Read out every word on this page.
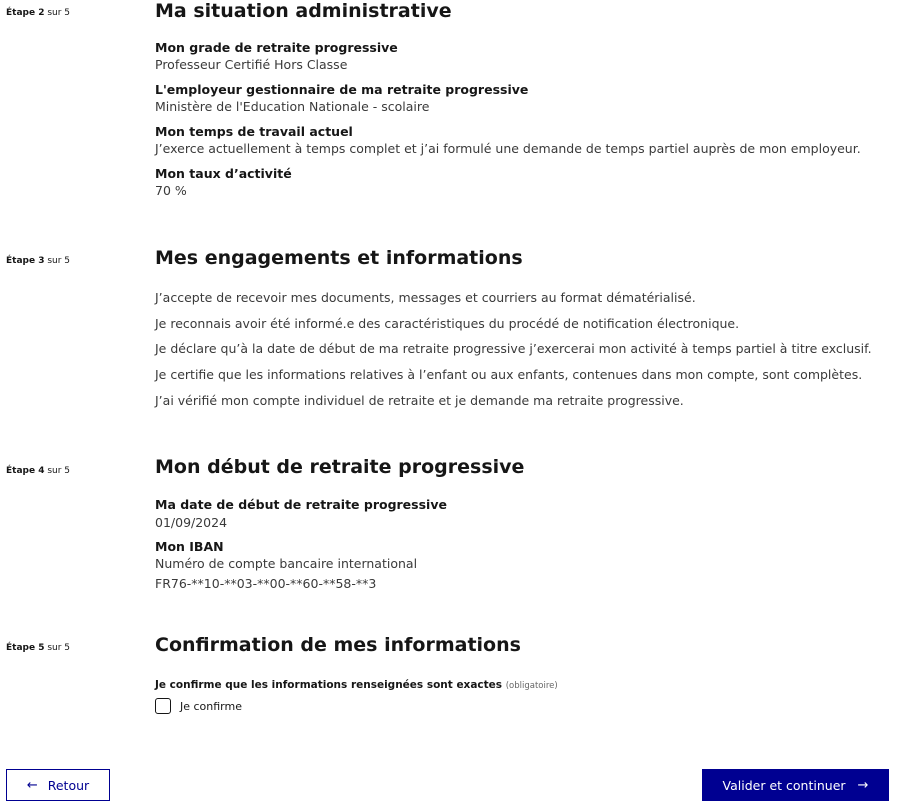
Étape 2 sur 5	Ma situation administrative
Mon grade de retraite progressive
Professeur Certifié Hors Classe
L'employeur gestionnaire de ma retraite progressive
Ministère de l'Education Nationale - scolaire
Mon temps de travail actuel
J’exerce actuellement à temps complet et j’ai formulé une demande de temps partiel auprès de mon employeur.
Mon taux d’activité
70 %
Étape 3 sur 5	Mes engagements et informations
J’accepte de recevoir mes documents, messages et courriers au format dématérialisé.
Je reconnais avoir été informé.e des caractéristiques du procédé de notification électronique.
Je déclare qu’à la date de début de ma retraite progressive j’exercerai mon activité à temps partiel à titre exclusif.
Je certifie que les informations relatives à l’enfant ou aux enfants, contenues dans mon compte, sont complètes.
J’ai vérifié mon compte individuel de retraite et je demande ma retraite progressive.
Étape 4 sur 5	Mon début de retraite progressive
Ma date de début de retraite progressive
01/09/2024
Mon IBAN
Numéro de compte bancaire international
FR76-**10-**03-**00-**60-**58-**3
Étape 5 sur 5	Confirmation de mes informations
Je confirme que les informations renseignées sont exactes (obligatoire)
Je confirme
← Retour	Valider et continuer →
